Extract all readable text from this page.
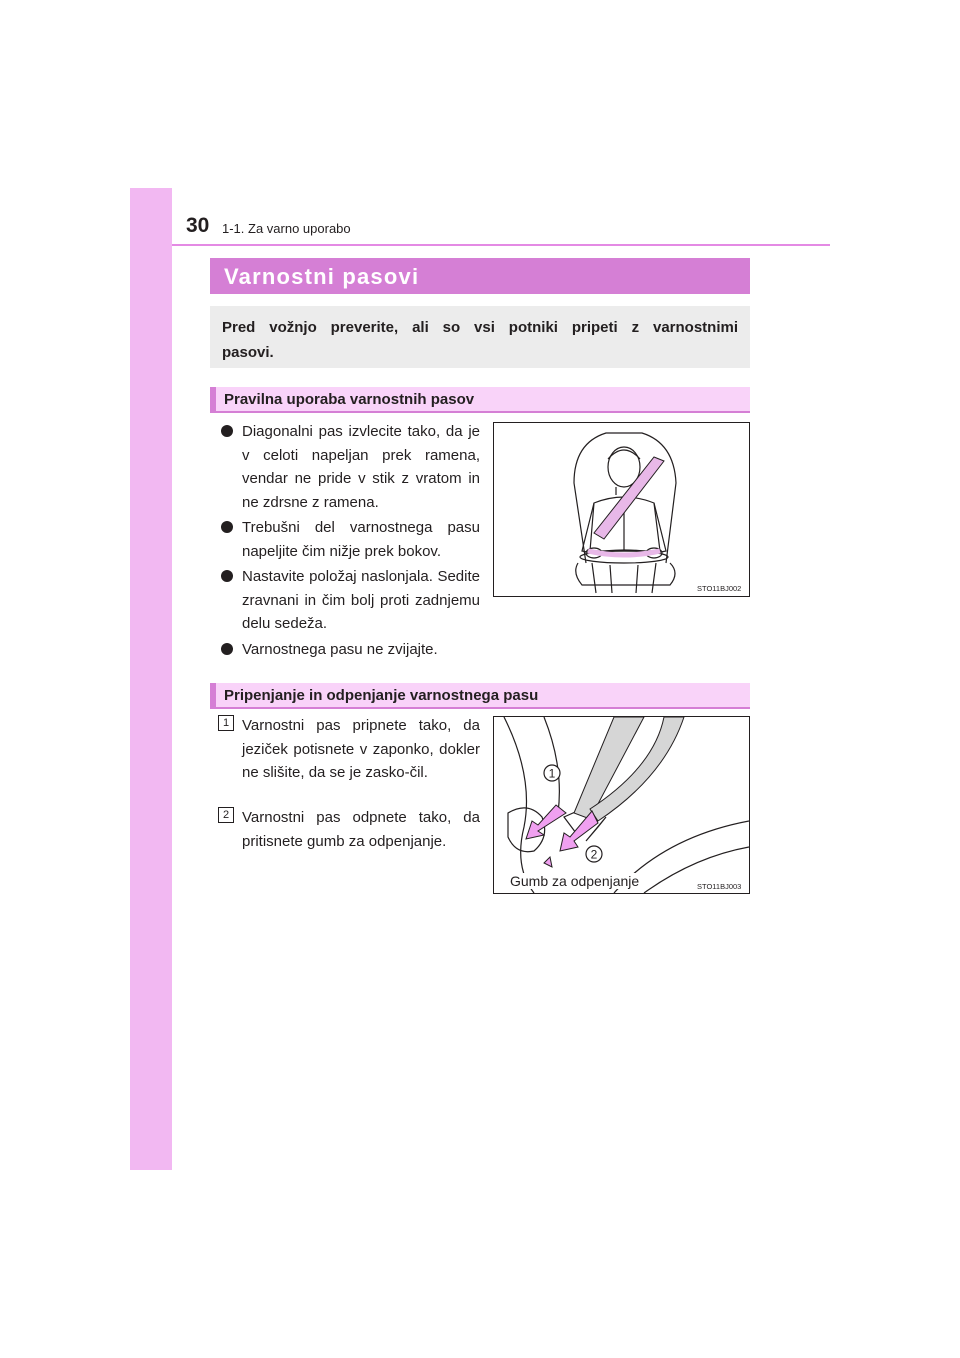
30 1-1. Za varno uporabo
Varnostni pasovi
Pred vožnjo preverite, ali so vsi potniki pripeti z varnostnimi pasovi.
Pravilna uporaba varnostnih pasov
Diagonalni pas izvlecite tako, da je v celoti napeljan prek ramena, vendar ne pride v stik z vratom in ne zdrsne z ramena.
Trebušni del varnostnega pasu napeljite čim nižje prek bokov.
Nastavite položaj naslonjala. Sedite zravnani in čim bolj proti zadnjemu delu sedeža.
Varnostnega pasu ne zvijajte.
STO11BJ002
Pripenjanje in odpenjanje varnostnega pasu
1 Varnostni pas pripnete tako, da jeziček potisnete v zaponko, dokler ne slišite, da se je zasko-čil.
2 Varnostni pas odpnete tako, da pritisnete gumb za odpenjanje.
1
2
Gumb za odpenjanje	STO11BJ003
